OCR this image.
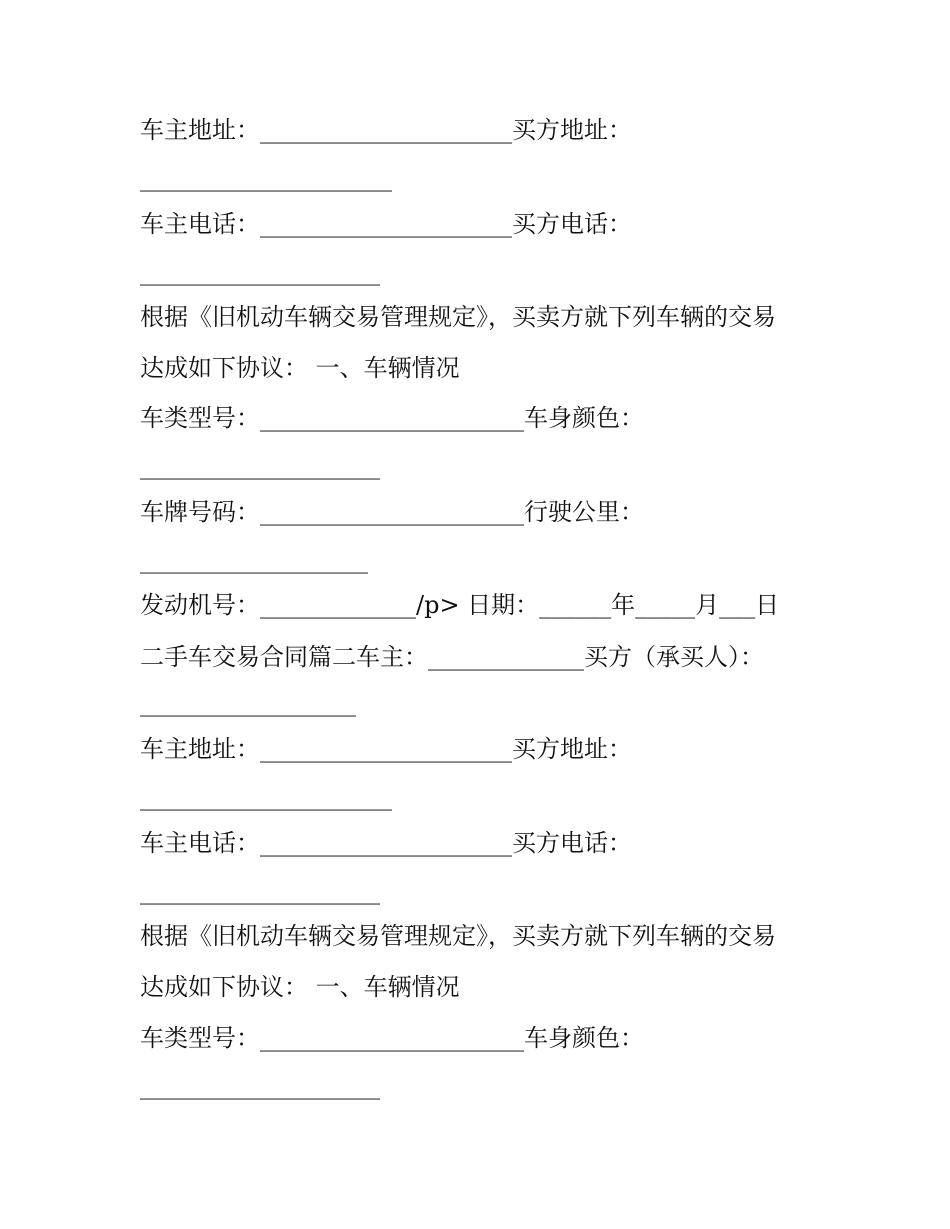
车主地址：_____________________买方地址：
_____________________
车主电话：_____________________买方电话：
____________________
根据《旧机动车辆交易管理规定》，买卖方就下列车辆的交易
达成如下协议： 一、车辆情况
车类型号：______________________车身颜色：
____________________
车牌号码：______________________行驶公里：
___________________
发动机号：_____________/p> 日期：______年_____月___日
二手车交易合同篇二车主：_____________买方（承买人）：
__________________
车主地址：_____________________买方地址：
_____________________
车主电话：_____________________买方电话：
____________________
根据《旧机动车辆交易管理规定》，买卖方就下列车辆的交易
达成如下协议： 一、车辆情况
车类型号：______________________车身颜色：
____________________
